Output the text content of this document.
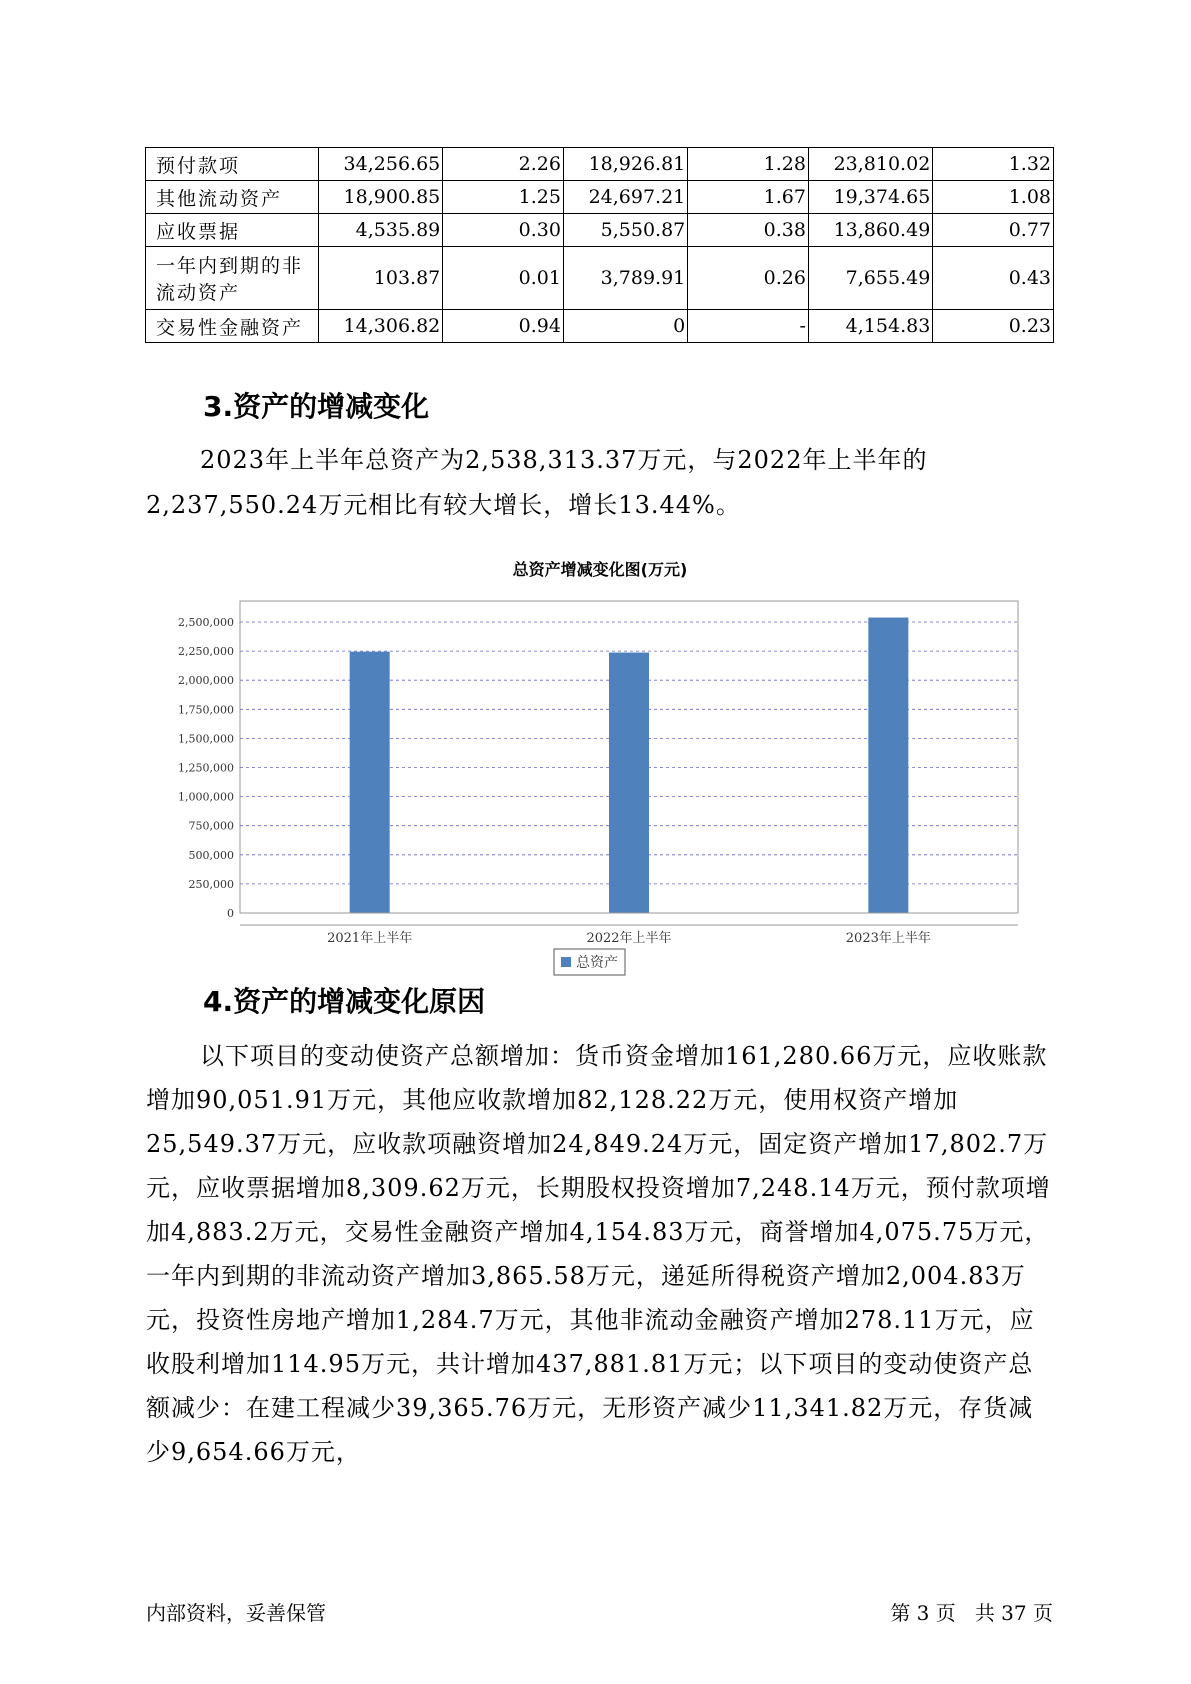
预付款项	34,256.65	2.26	18,926.81	1.28	23,810.02	1.32
其他流动资产	18,900.85	1.25	24,697.21	1.67	19,374.65	1.08
应收票据	4,535.89	0.30	5,550.87	0.38	13,860.49	0.77
一年内到期的非流动资产	103.87	0.01	3,789.91	0.26	7,655.49	0.43
交易性金融资产	14,306.82	0.94	0	-	4,154.83	0.23
3.资产的增减变化
2023年上半年总资产为2,538,313.37万元，与2022年上半年的2,237,550.24万元相比有较大增长，增长13.44%。
总资产增减变化图(万元)
0
250,000
500,000
750,000
1,000,000
1,250,000
1,500,000
1,750,000
2,000,000
2,250,000
2,500,000
2021年上半年	2022年上半年	2023年上半年
总资产
4.资产的增减变化原因
以下项目的变动使资产总额增加：货币资金增加161,280.66万元，应收账款增加90,051.91万元，其他应收款增加82,128.22万元，使用权资产增加25,549.37万元，应收款项融资增加24,849.24万元，固定资产增加17,802.7万元，应收票据增加8,309.62万元，长期股权投资增加7,248.14万元，预付款项增加4,883.2万元，交易性金融资产增加4,154.83万元，商誉增加4,075.75万元，一年内到期的非流动资产增加3,865.58万元，递延所得税资产增加2,004.83万元，投资性房地产增加1,284.7万元，其他非流动金融资产增加278.11万元，应收股利增加114.95万元，共计增加437,881.81万元；以下项目的变动使资产总额减少：在建工程减少39,365.76万元，无形资产减少11,341.82万元，存货减少9,654.66万元，
内部资料，妥善保管	第 3 页   共 37 页
